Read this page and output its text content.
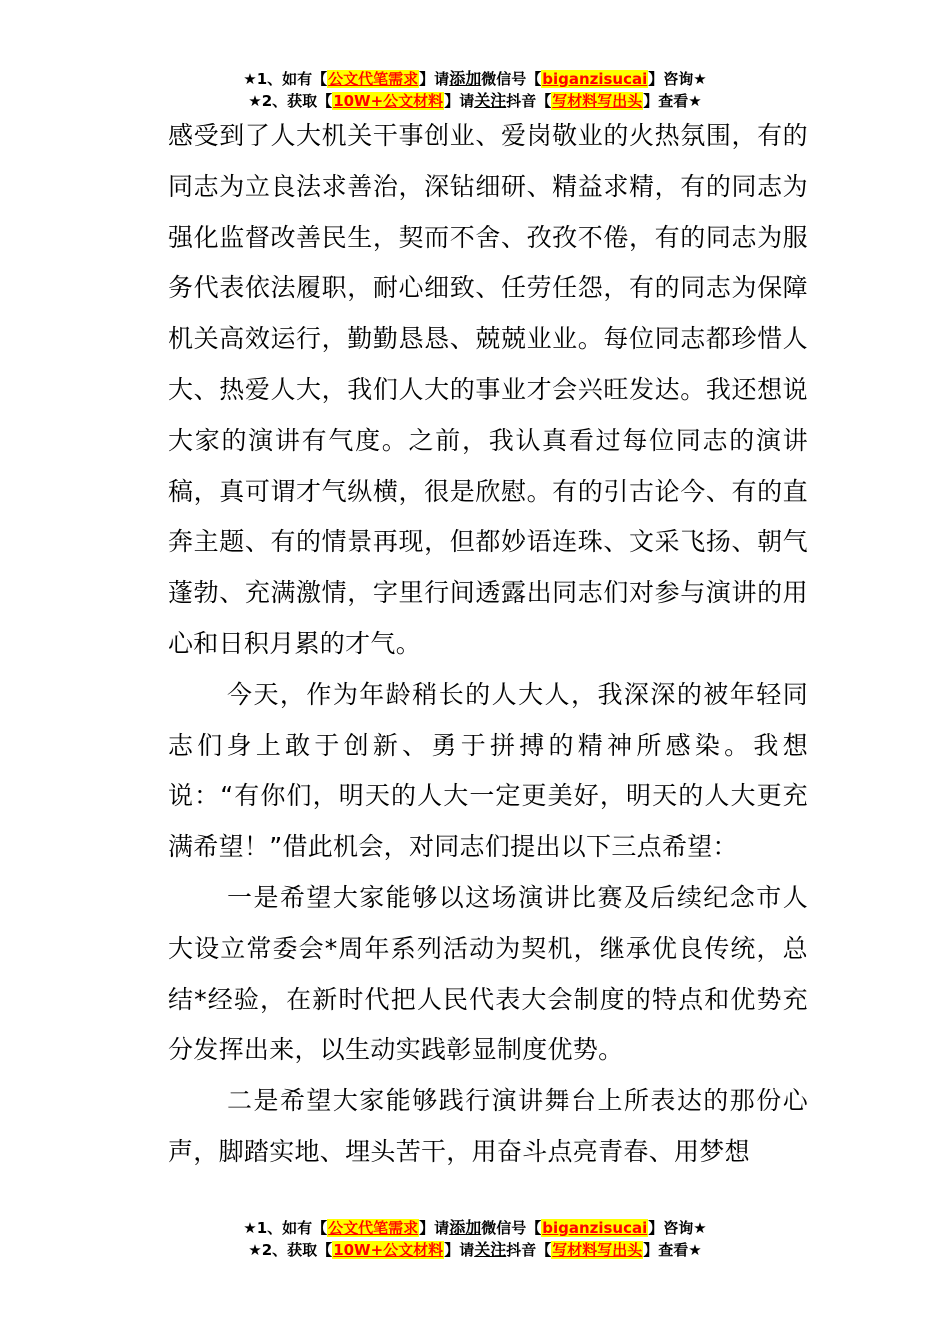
★1、如有【公文代笔需求】请添加微信号【biganzisucai】咨询★
★2、获取【10W+公文材料】请关注抖音【写材料写出头】查看★

感受到了人大机关干事创业、爱岗敬业的火热氛围，有的同志为立良法求善治，深钻细研、精益求精，有的同志为强化监督改善民生，契而不舍、孜孜不倦，有的同志为服务代表依法履职，耐心细致、任劳任怨，有的同志为保障机关高效运行，勤勤恳恳、兢兢业业。每位同志都珍惜人大、热爱人大，我们人大的事业才会兴旺发达。我还想说大家的演讲有气度。之前，我认真看过每位同志的演讲稿，真可谓才气纵横，很是欣慰。有的引古论今、有的直奔主题、有的情景再现，但都妙语连珠、文采飞扬、朝气蓬勃、充满激情，字里行间透露出同志们对参与演讲的用心和日积月累的才气。

今天，作为年龄稍长的人大人，我深深的被年轻同志们身上敢于创新、勇于拼搏的精神所感染。我想说：“有你们，明天的人大一定更美好，明天的人大更充满希望！”借此机会，对同志们提出以下三点希望：

一是希望大家能够以这场演讲比赛及后续纪念市人大设立常委会*周年系列活动为契机，继承优良传统，总结*经验，在新时代把人民代表大会制度的特点和优势充分发挥出来，以生动实践彰显制度优势。

二是希望大家能够践行演讲舞台上所表达的那份心声，脚踏实地、埋头苦干，用奋斗点亮青春、用梦想

★1、如有【公文代笔需求】请添加微信号【biganzisucai】咨询★
★2、获取【10W+公文材料】请关注抖音【写材料写出头】查看★
